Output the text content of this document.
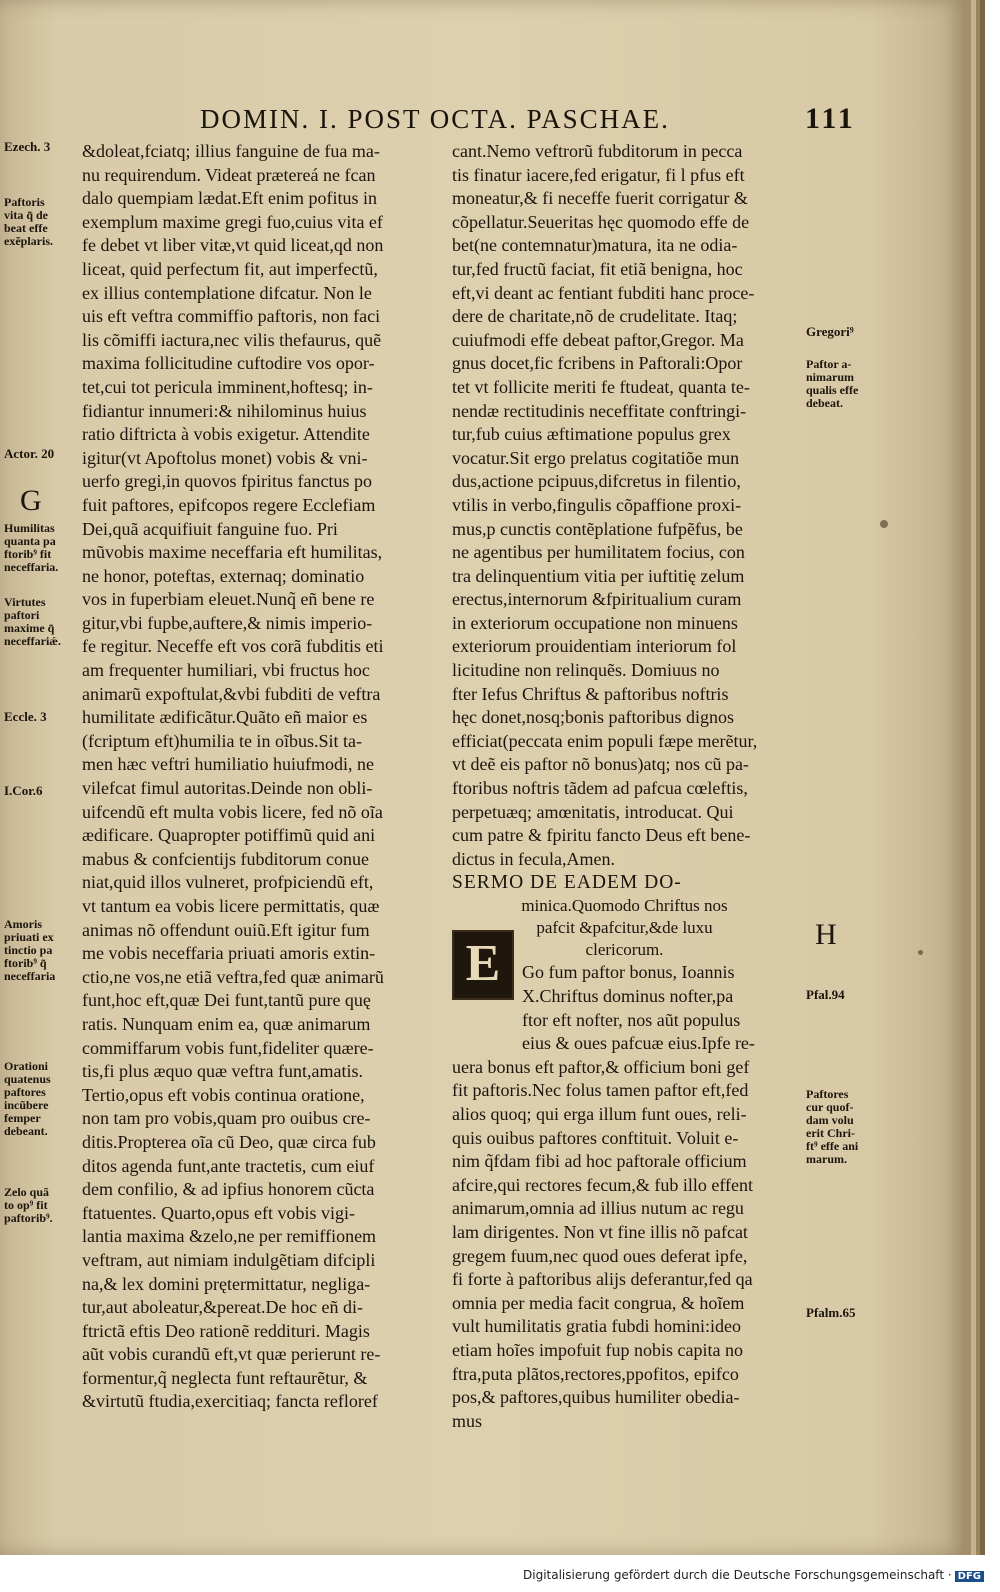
DOMIN. I. POST OCTA. PASCHAE.	111
&doleat,fciatq; illius fanguine de fua ma-
nu requirendum. Videat prætereá ne fcan
dalo quempiam lædat.Eft enim pofitus in
exemplum maxime gregi fuo,cuius vita ef
fe debet vt liber vitæ,vt quid liceat,qd non
liceat, quid perfectum fit, aut imperfectũ,
ex illius contemplatione difcatur. Non le
uis eft veftra commiffio paftoris, non faci
lis cõmiffi iactura,nec vilis thefaurus, quẽ
maxima follicitudine cuftodire vos opor-
tet,cui tot pericula imminent,hoftesq; in-
fidiantur innumeri:& nihilominus huius
ratio diftricta à vobis exigetur. Attendite
igitur(vt Apoftolus monet) vobis & vni-
uerfo gregi,in quovos fpiritus fanctus po
fuit paftores, epifcopos regere Ecclefiam
Dei,quã acquifiuit fanguine fuo. Pri
mũvobis maxime neceffaria eft humilitas,
ne honor, poteftas, externaq; dominatio
vos in fuperbiam eleuet.Nunq̃ eñ bene re
gitur,vbi fupbe,auftere,& nimis imperio-
fe regitur. Neceffe eft vos corã fubditis eti
am frequenter humiliari, vbi fructus hoc
animarũ expoftulat,&vbi fubditi de veftra
humilitate ædificãtur.Quãto eñ maior es
(fcriptum eft)humilia te in oĩbus.Sit ta-
men hæc veftri humiliatio huiufmodi, ne
vilefcat fimul autoritas.Deinde non obli-
uifcendũ eft multa vobis licere, fed nõ oĩa
ædificare. Quapropter potiffimũ quid ani
mabus & confcientijs fubditorum conue
niat,quid illos vulneret, profpiciendũ eft,
vt tantum ea vobis licere permittatis, quæ
animas nõ offendunt ouiũ.Eft igitur fum
me vobis neceffaria priuati amoris extin-
ctio,ne vos,ne etiã veftra,fed quæ animarũ
funt,hoc eft,quæ Dei funt,tantũ pure quę
ratis. Nunquam enim ea, quæ animarum
commiffarum vobis funt,fideliter quære-
tis,fi plus æquo quæ veftra funt,amatis.
Tertio,opus eft vobis continua oratione,
non tam pro vobis,quam pro ouibus cre-
ditis.Propterea oĩa cũ Deo, quæ circa fub
ditos agenda funt,ante tractetis, cum eiuf
dem confilio, & ad ipfius honorem cũcta
ftatuentes. Quarto,opus eft vobis vigi-
lantia maxima &zelo,ne per remiffionem
veftram, aut nimiam indulgẽtiam difcipli
na,& lex domini prętermittatur, negliga-
tur,aut aboleatur,&pereat.De hoc eñ di-
ftrictã eftis Deo rationẽ reddituri. Magis
aũt vobis curandũ eft,vt quæ perierunt re-
formentur,q̃ neglecta funt reftaurẽtur, &
&virtutũ ftudia,exercitiaq; fancta refloref
cant.Nemo veftrorũ fubditorum in pecca
tis finatur iacere,fed erigatur, fi l pfus eft
moneatur,& fi neceffe fuerit corrigatur &
cõpellatur.Seueritas hęc quomodo effe de
bet(ne contemnatur)matura, ita ne odia-
tur,fed fructũ faciat, fit etiã benigna, hoc
eft,vi deant ac fentiant fubditi hanc proce-
dere de charitate,nõ de crudelitate. Itaq;
cuiufmodi effe debeat paftor,Gregor. Ma
gnus docet,fic fcribens in Paftorali:Opor
tet vt follicite meriti fe ftudeat, quanta te-
nendæ rectitudinis neceffitate conftringi-
tur,fub cuius æftimatione populus grex
vocatur.Sit ergo prelatus cogitatiõe mun
dus,actione pcipuus,difcretus in filentio,
vtilis in verbo,fingulis cõpaffione proxi-
mus,p cunctis contẽplatione fufpẽfus, be
ne agentibus per humilitatem focius, con
tra delinquentium vitia per iuftitię zelum
erectus,internorum &fpiritualium curam
in exteriorum occupatione non minuens
exteriorum prouidentiam interiorum fol
licitudine non relinquẽs. Domiuus no
fter Iefus Chriftus & paftoribus noftris
hęc donet,nosq;bonis paftoribus dignos
efficiat(peccata enim populi fæpe merẽtur,
vt deẽ eis paftor nõ bonus)atq; nos cũ pa-
ftoribus noftris tãdem ad pafcua cœleftis,
perpetuæq; amœnitatis, introducat. Qui
cum patre & fpiritu fancto Deus eft bene-
dictus in fecula,Amen.
SERMO DE EADEM DO-
minica.Quomodo Chriftus nos
pafcit &pafcitur,&de luxu
clericorum.
Go fum paftor bonus, Ioannis
X.Chriftus dominus nofter,pa
ftor eft nofter, nos aũt populus
eius & oues pafcuæ eius.Ipfe re-
uera bonus eft paftor,& officium boni gef
fit paftoris.Nec folus tamen paftor eft,fed
alios quoq; qui erga illum funt oues, reli-
quis ouibus paftores conftituit. Voluit e-
nim q̃fdam fibi ad hoc paftorale officium
afcire,qui rectores fecum,& fub illo effent
animarum,omnia ad illius nutum ac regu
lam dirigentes. Non vt fine illis nõ pafcat
gregem fuum,nec quod oues deferat ipfe,
fi forte à paftoribus alijs deferantur,fed qa
omnia per media facit congrua, & hoĩem
vult humilitatis gratia fubdi homini:ideo
etiam hoĩes impofuit fup nobis capita no
ftra,puta plãtos,rectores,ppofitos, epifco
pos,& paftores,quibus humiliter obedia-
mus
E
Ezech. 3
Paftoris
vita q̃ de
beat effe
exẽplaris.
Actor. 20
G
Humilitas
quanta pa
ftorib⁹ fit
neceffaria.
Virtutes
paftori
maxime q̃
neceffariǽ.
Eccle. 3
I.Cor.6
Amoris
priuati ex
tinctio pa
ftorib⁹ q̃
neceffaria
Orationi
quatenus
paftores
incũbere
femper
debeant.
Zelo quã
to op⁹ fit
paftorib⁹.
Gregori⁹
Paftor a-
nimarum
qualis effe
debeat.
H
Pfal.94
Paftores
cur quof-
dam volu
erit Chri-
ft⁹ effe ani
marum.
Pfalm.65
Digitalisierung gefördert durch die Deutsche Forschungsgemeinschaft · DFG
